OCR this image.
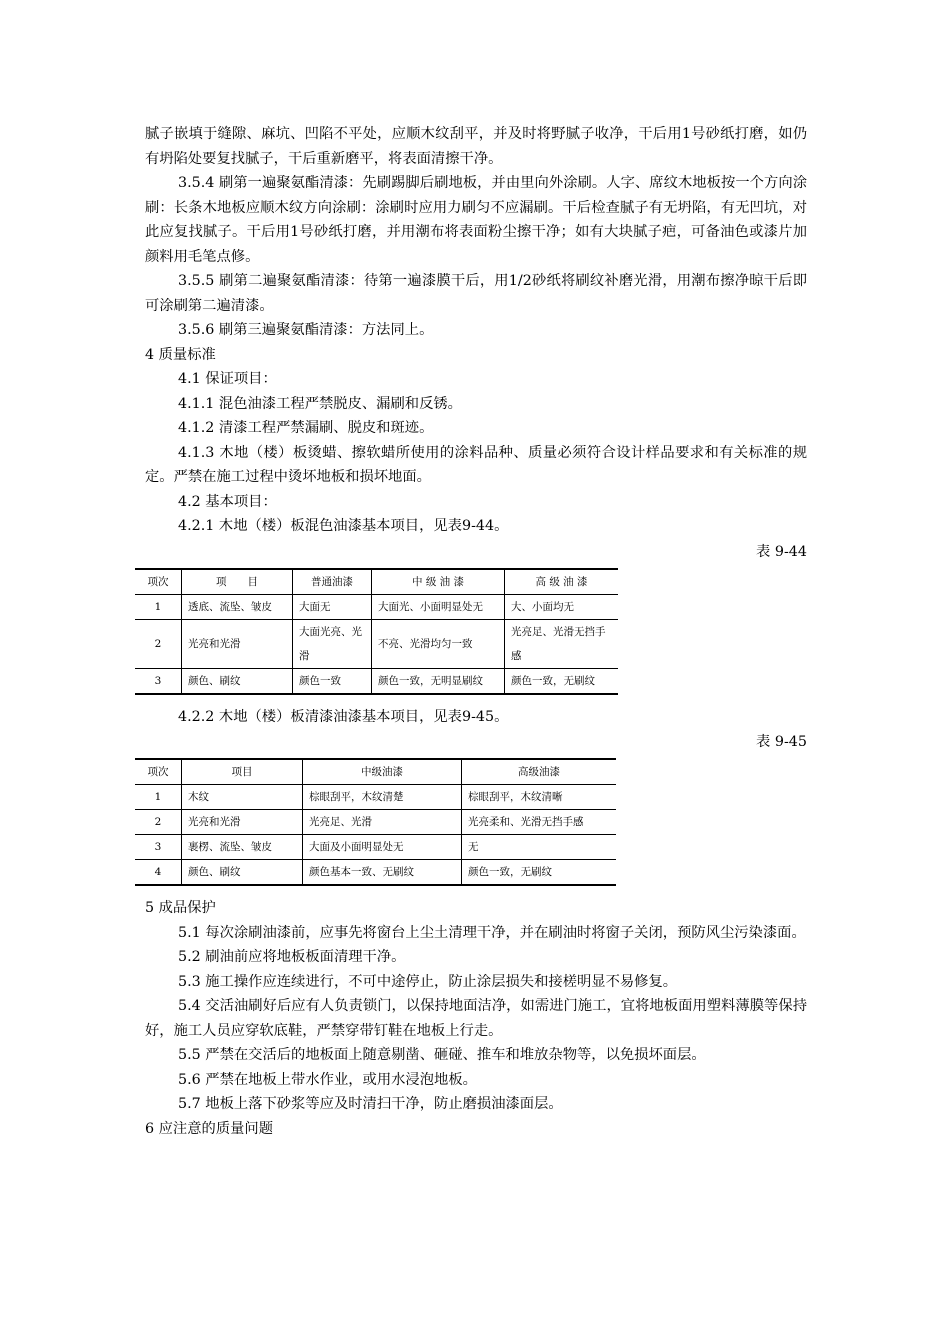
腻子嵌填于缝隙、麻坑、凹陷不平处，应顺木纹刮平，并及时将野腻子收净，干后用1号砂纸打磨，如仍有坍陷处要复找腻子，干后重新磨平，将表面清擦干净。

3.5.4 刷第一遍聚氨酯清漆：先刷踢脚后刷地板，并由里向外涂刷。人字、席纹木地板按一个方向涂刷：长条木地板应顺木纹方向涂刷：涂刷时应用力刷匀不应漏刷。干后检查腻子有无坍陷，有无凹坑，对此应复找腻子。干后用1号砂纸打磨，并用潮布将表面粉尘擦干净；如有大块腻子疤，可备油色或漆片加颜料用毛笔点修。

3.5.5 刷第二遍聚氨酯清漆：待第一遍漆膜干后，用1/2砂纸将刷纹补磨光滑，用潮布擦净晾干后即可涂刷第二遍清漆。

3.5.6 刷第三遍聚氨酯清漆：方法同上。

4 质量标准

4.1 保证项目：

4.1.1 混色油漆工程严禁脱皮、漏刷和反锈。

4.1.2 清漆工程严禁漏刷、脱皮和斑迹。

4.1.3 木地（楼）板烫蜡、擦软蜡所使用的涂料品种、质量必须符合设计样品要求和有关标准的规定。严禁在施工过程中烫坏地板和损坏地面。

4.2 基本项目：

4.2.1 木地（楼）板混色油漆基本项目，见表9-44。

表 9-44
项次	项　　目	普通油漆	中 级 油 漆	高 级 油 漆
1	透底、流坠、皱皮	大面无	大面光、小面明显处无	大、小面均无
2	光亮和光滑	大面光亮、光滑	不亮、光滑均匀一致	光亮足、光滑无挡手感
3	颜色、刷纹	颜色一致	颜色一致，无明显刷纹	颜色一致，无刷纹

4.2.2 木地（楼）板清漆油漆基本项目，见表9-45。

表 9-45
项次	项目	中级油漆	高级油漆
1	木纹	棕眼刮平，木纹清楚	棕眼刮平，木纹清晰
2	光亮和光滑	光亮足、光滑	光亮柔和、光滑无挡手感
3	裹楞、流坠、皱皮	大面及小面明显处无	无
4	颜色、刷纹	颜色基本一致、无刷纹	颜色一致，无刷纹

5 成品保护

5.1 每次涂刷油漆前，应事先将窗台上尘土清理干净，并在刷油时将窗子关闭，预防风尘污染漆面。

5.2 刷油前应将地板板面清理干净。

5.3 施工操作应连续进行，不可中途停止，防止涂层损失和接槎明显不易修复。

5.4 交活油刷好后应有人负责锁门，以保持地面洁净，如需进门施工，宜将地板面用塑料薄膜等保持好，施工人员应穿软底鞋，严禁穿带钉鞋在地板上行走。

5.5 严禁在交活后的地板面上随意剔凿、砸碰、推车和堆放杂物等，以免损坏面层。

5.6 严禁在地板上带水作业，或用水浸泡地板。

5.7 地板上落下砂浆等应及时清扫干净，防止磨损油漆面层。

6 应注意的质量问题
